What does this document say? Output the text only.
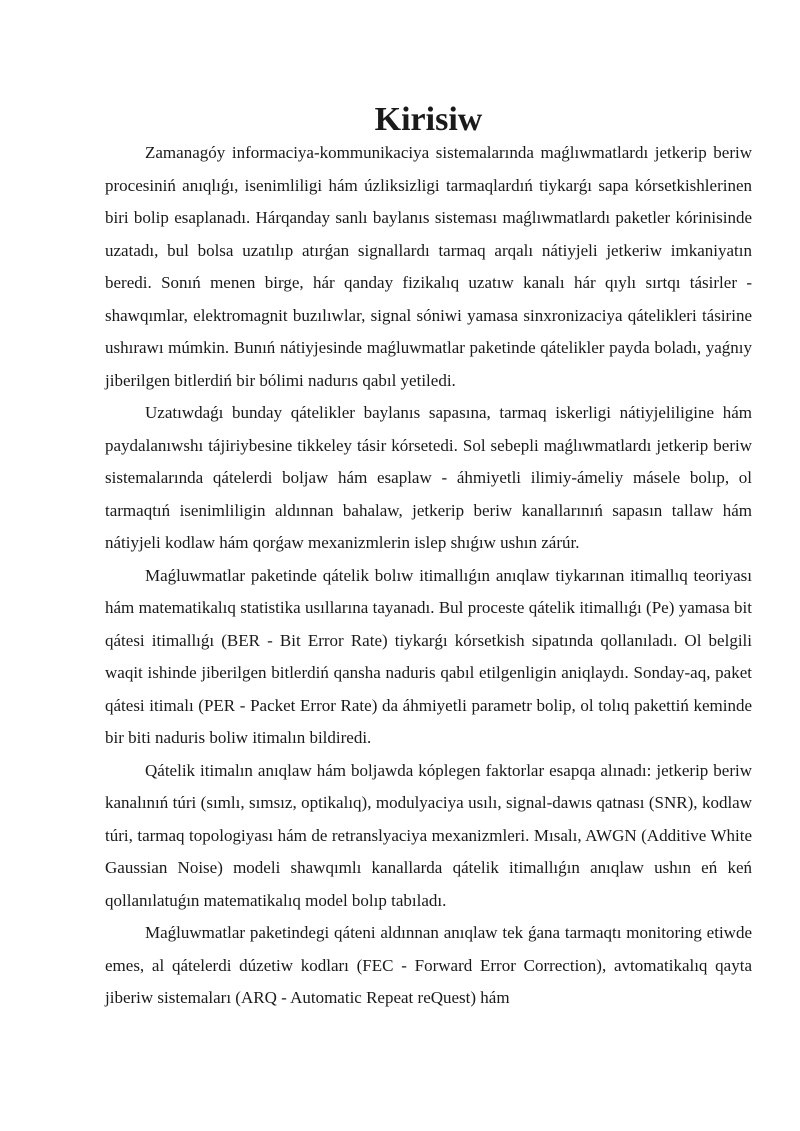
Kirisiw

Zamanagóy informaciya-kommunikaciya sistemalarında maǵlıwmatlardı jetkerip beriw procesiniń anıqlıǵı, isenimliligi hám úzliksizligi tarmaqlardıń tiykarǵı sapa kórsetkishlerinen biri bolip esaplanadı. Hárqanday sanlı baylanıs sisteması maǵlıwmatlardı paketler kórinisinde uzatadı, bul bolsa uzatılıp atırǵan signallardı tarmaq arqalı nátiyjeli jetkeriw imkaniyatın beredi. Sonıń menen birge, hár qanday fizikalıq uzatıw kanalı hár qıylı sırtqı tásirler - shawqımlar, elektromagnit buzılıwlar, signal sóniwi yamasa sinxronizaciya qátelikleri tásirine ushırawı múmkin. Bunıń nátiyjesinde maǵluwmatlar paketinde qátelikler payda boladı, yaǵnıy jiberilgen bitlerdiń bir bólimi nadurıs qabıl yetiledi.

Uzatıwdaǵı bunday qátelikler baylanıs sapasına, tarmaq iskerligi nátiyjeliligine hám paydalanıwshı tájiriybesine tikkeley tásir kórsetedi. Sol sebepli maǵlıwmatlardı jetkerip beriw sistemalarında qátelerdi boljaw hám esaplaw - áhmiyetli ilimiy-ámeliy másele bolıp, ol tarmaqtıń isenimliligin aldınnan bahalaw, jetkerip beriw kanallarınıń sapasın tallaw hám nátiyjeli kodlaw hám qorǵaw mexanizmlerin islep shıǵıw ushın zárúr.

Maǵluwmatlar paketinde qátelik bolıw itimallıǵın anıqlaw tiykarınan itimallıq teoriyası hám matematikalıq statistika usıllarına tayanadı. Bul proceste qátelik itimallıǵı (Pe) yamasa bit qátesi itimallıǵı (BER - Bit Error Rate) tiykarǵı kórsetkish sipatında qollanıladı. Ol belgili waqit ishinde jiberilgen bitlerdiń qansha naduris qabıl etilgenligin aniqlaydı. Sonday-aq, paket qátesi itimalı (PER - Packet Error Rate) da áhmiyetli parametr bolip, ol tolıq pakettiń keminde bir biti naduris boliw itimalın bildiredi.

Qátelik itimalın anıqlaw hám boljawda kóplegen faktorlar esapqa alınadı: jetkerip beriw kanalınıń túri (sımlı, sımsız, optikalıq), modulyaciya usılı, signal-dawıs qatnası (SNR), kodlaw túri, tarmaq topologiyası hám de retranslyaciya mexanizmleri. Mısalı, AWGN (Additive White Gaussian Noise) modeli shawqımlı kanallarda qátelik itimallıǵın anıqlaw ushın eń keń qollanılatuǵın matematikalıq model bolıp tabıladı.

Maǵluwmatlar paketindegi qáteni aldınnan anıqlaw tek ǵana tarmaqtı monitoring etiwde emes, al qátelerdi dúzetiw kodları (FEC - Forward Error Correction), avtomatikalıq qayta jiberiw sistemaları (ARQ - Automatic Repeat reQuest) hám
